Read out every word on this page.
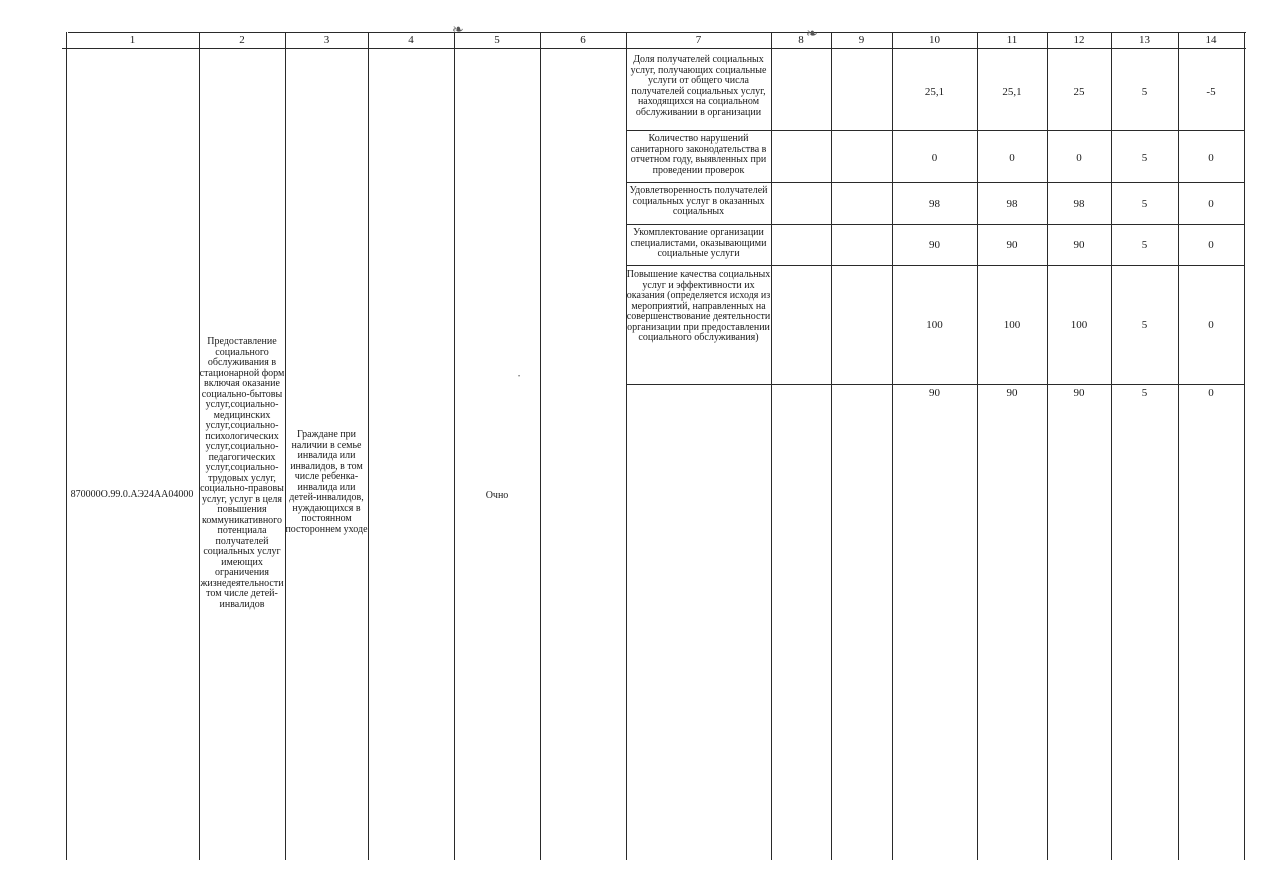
1	2	3	4	5	6	7	8	9	10	11	12	13	14
870000О.99.0.АЭ24АА04000
Предоставление социального обслуживания в стационарной форм включая оказание социально-бытовы услуг,социально-медицинских услуг,социально-психологических услуг,социально-педагогических услуг,социально-трудовых услуг, социально-правовы услуг, услуг в целя повышения коммуникативного потенциала получателей социальных услуг имеющих ограничения жизнедеятельности том числе детей-инвалидов
Граждане при наличии в семье инвалида или инвалидов, в том числе ребенка-инвалида или детей-инвалидов, нуждающихся в постоянном постороннем уходе
Очно
Доля получателей социальных услуг, получающих социальные услуги от общего числа получателей социальных услуг, находящихся на социальном обслуживании в организации
25,1	25,1	25	5	-5
Количество нарушений санитарного законодательства в отчетном году, выявленных при проведении проверок
0	0	0	5	0
Удовлетворенность получателей социальных услуг в оказанных социальных
98	98	98	5	0
Укомплектование организации специалистами, оказывающими социальные услуги
90	90	90	5	0
Повышение качества социальных услуг и эффективности их оказания (определяется исходя из мероприятий, направленных на совершенствование деятельности организации при предоставлении социального обслуживания)
100	100	100	5	0
90	90	90	5	0
❧	❧
•
